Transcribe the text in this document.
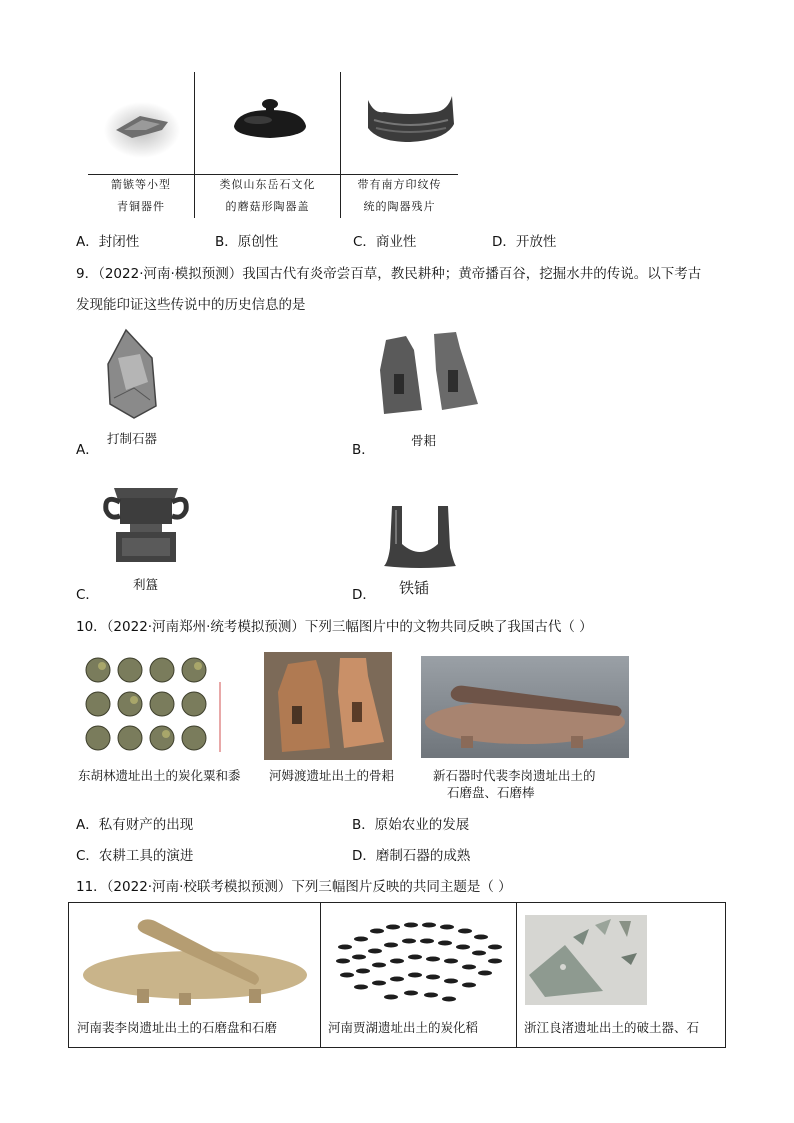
箭镞等小型
青铜器件
类似山东岳石文化
的蘑菇形陶器盖
带有南方印纹传
统的陶器残片
A．封闭性	B．原创性	C．商业性	D．开放性
9．（2022·河南·模拟预测）我国古代有炎帝尝百草，教民耕种；黄帝播百谷，挖掘水井的传说。以下考古
发现能印证这些传说中的历史信息的是
打制石器
A．
骨耜
B．
利簋
C．	铁锸
D．
10．（2022·河南郑州·统考模拟预测）下列三幅图片中的文物共同反映了我国古代（ ）
东胡林遗址出土的炭化粟和黍 河姆渡遗址出土的骨耜	新石器时代裴李岗遗址出土的
石磨盘、石磨棒
A．私有财产的出现	B．原始农业的发展
C．农耕工具的演进	D．磨制石器的成熟
11．（2022·河南·校联考模拟预测）下列三幅图片反映的共同主题是（ ）
河南裴李岗遗址出土的石磨盘和石磨	河南贾湖遗址出土的炭化稻	浙江良渚遗址出土的破土器、石
